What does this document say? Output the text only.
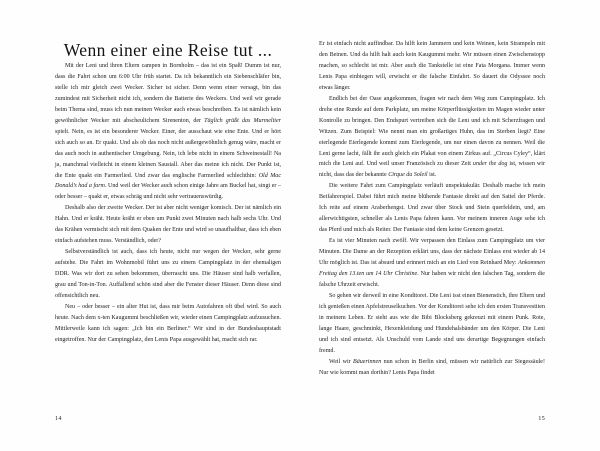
Wenn einer eine Reise tut ...

Mit der Leni und ihren Eltern campen in Bornholm – das ist ein Spaß! Dumm ist nur, dass die Fahrt schon um 6:00 Uhr früh startet. Da ich bekanntlich ein Siebenschläfer bin, stelle ich mir gleich zwei Wecker. Sicher ist sicher. Denn wenn einer versagt, bin das zumindest mit Sicherheit nicht ich, sondern die Batterie des Weckers. Und weil wir gerade beim Thema sind, muss ich nun meinen Wecker auch etwas beschreiben. Es ist nämlich kein gewöhnlicher Wecker mit abscheulichem Sirenenton, der Täglich grüßt das Murmeltier spielt. Nein, es ist ein besonderer Wecker. Einer, der ausschaut wie eine Ente. Und er hört sich auch so an. Er quakt. Und als ob das noch nicht außergewöhnlich genug wäre, macht er das auch noch in authentischer Umgebung. Nein, ich lebe nicht in einem Schweinestall! Na ja, manchmal vielleicht in einem kleinen Saustall. Aber das meine ich nicht. Der Punkt ist, die Ente quakt ein Farmerlied. Und zwar das englische Farmerlied schlechthin: Old Mac Donald’s had a farm. Und weil der Wecker auch schon einige Jahre am Buckel hat, singt er – oder besser – quakt er, etwas schräg und nicht sehr vertrauenswürdig.

Deshalb also der zweite Wecker. Der ist aber nicht weniger komisch. Der ist nämlich ein Hahn. Und er kräht. Heute kräht er eben um Punkt zwei Minuten nach halb sechs Uhr. Und das Krähen vermischt sich mit dem Quaken der Ente und wird so unaufhaltbar, dass ich eben einfach aufstehen muss. Verständlich, oder?

Selbstverständlich ist auch, dass ich heute, nicht nur wegen der Wecker, sehr gerne aufstehe. Die Fahrt im Wohnmobil führt uns zu einem Campingplatz in der ehemaligen DDR. Was wir dort zu sehen bekommen, überrascht uns. Die Häuser sind halb verfallen, grau und Ton-in-Ton. Auffallend schön sind aber die Fenster dieser Häuser. Denn diese sind offensichtlich neu.

Neu – oder besser – ein alter Hut ist, dass mir beim Autofahren oft übel wird. So auch heute. Nach dem x-ten Kaugummi beschließen wir, wieder einen Campingplatz aufzusuchen. Mittlerweile kann ich sagen: „Ich bin ein Berliner.“ Wir sind in der Bundeshauptstadt eingetroffen. Nur der Campingplatz, den Lenis Papa ausgewählt hat, macht sich rar.

14

Er ist einfach nicht auffindbar. Da hilft kein Jammern und kein Weinen, kein Strampeln mit den Beinen. Und da hilft halt auch kein Kaugummi mehr. Wir müssen einen Zwischenstopp machen, so schlecht ist mir. Aber auch die Tankstelle ist eine Fata Morgana. Immer wenn Lenis Papa einbiegen will, erwischt er die falsche Einfahrt. So dauert die Odyssee noch etwas länger.

Endlich bei der Oase angekommen, fragen wir nach dem Weg zum Campingplatz. Ich drehe eine Runde auf dem Parkplatz, um meine Körperflüssigkeiten im Magen wieder unter Kontrolle zu bringen. Den Endspurt vertreiben sich die Leni und ich mit Scherzfragen und Witzen. Zum Beispiel: Wie nennt man ein großartiges Huhn, das im Sterben liegt? Eine eierlegende Eierlegende kommt zum Eierlegende, um nur einen davon zu nennen. Weil die Leni gerne lacht, fällt ihr auch gleich ein Plakat von einem Zirkus auf. „Circus Cyley“, klärt mich die Leni auf. Und weil unser Französisch zu dieser Zeit under the dog ist, wissen wir nicht, dass das der bekannte Cirque du Soleil ist.

Die weitere Fahrt zum Campingplatz verläuft unspektakulär. Deshalb mache ich mein Beifahrerspiel. Dabei führt mich meine blühende Fantasie direkt auf den Sattel der Pferde. Ich reite auf einem Araberhengst. Und zwar über Stock und Stein querfeldein, und, am allerwichtigsten, schneller als Lenis Papa fahren kann. Vor meinem inneren Auge sehe ich das Pferd und mich als Reiter. Der Fantasie sind dem keine Grenzen gesetzt.

Es ist vier Minuten nach zwölf. Wir verpassen den Einlass zum Campingplatz um vier Minuten. Die Dame an der Rezeption erklärt uns, dass der nächste Einlass erst wieder ab 14 Uhr möglich ist. Das ist absurd und erinnert mich an ein Lied von Reinhard Mey: Ankommen Freitag den 13.ten um 14 Uhr Christine. Nur haben wir nicht den falschen Tag, sondern die falsche Uhrzeit erwischt.

So gehen wir derweil in eine Konditorei. Die Leni isst einen Bienenstich, ihre Eltern und ich genießen einen Apfelstreuselkuchen. Vor der Konditorei sehe ich den ersten Transvestiten in meinem Leben. Er sieht aus wie die Bibi Blocksberg gekreuzt mit einem Punk. Rote, lange Haare, geschminkt, Hexenkleidung und Hundehalsbänder um den Körper. Die Leni und ich sind entsetzt. Als Unschuld vom Lande sind uns derartige Begegnungen einfach fremd.

Weil wir Bäuerinnen nun schon in Berlin sind, müssen wir natürlich zur Siegessäule! Nur wie kommt man dorthin? Lenis Papa findet

15
